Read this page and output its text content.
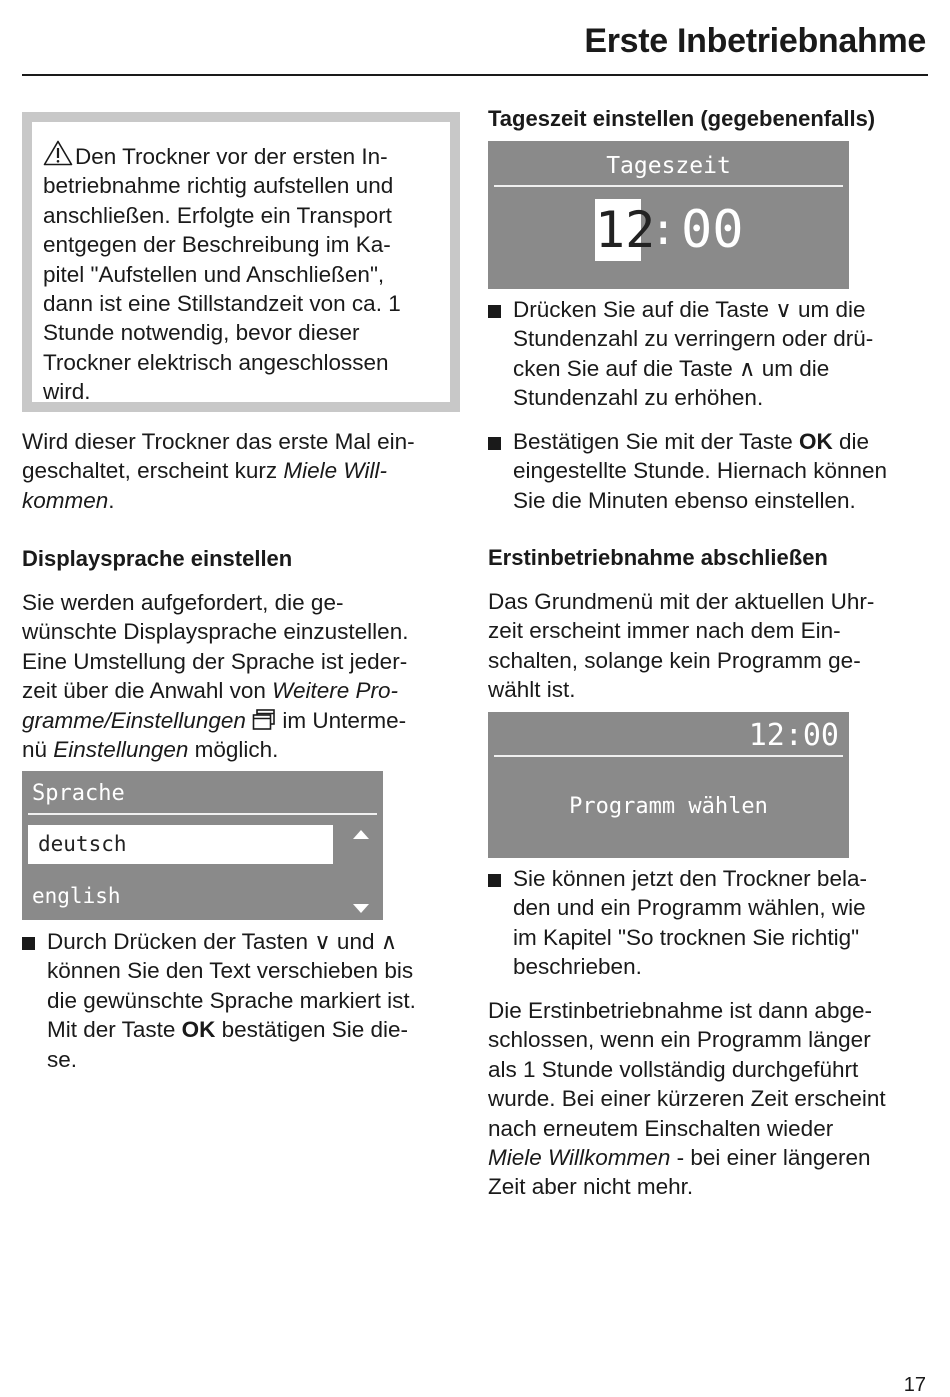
Erste Inbetriebnahme

Den Trockner vor der ersten In-

betriebnahme richtig aufstellen und

anschließen. Erfolgte ein Transport

entgegen der Beschreibung im Ka-

pitel "Aufstellen und Anschließen",

dann ist eine Stillstandzeit von ca. 1

Stunde notwendig, bevor dieser

Trockner elektrisch angeschlossen

wird.

Wird dieser Trockner das erste Mal ein-

geschaltet, erscheint kurz Miele Will-

kommen.

Displaysprache einstellen

Sie werden aufgefordert, die ge-

wünschte Displaysprache einzustellen.

Eine Umstellung der Sprache ist jeder-

zeit über die Anwahl von Weitere Pro-

gramme/Einstellungen  im Unterme-

nü Einstellungen möglich.

Sprache
deutsch
english

Durch Drücken der Tasten ∨ und ∧

können Sie den Text verschieben bis

die gewünschte Sprache markiert ist.

Mit der Taste OK bestätigen Sie die-

se.

Tageszeit einstellen (gegebenenfalls)
Tageszeit
12
: 00

Drücken Sie auf die Taste ∨ um die

Stundenzahl zu verringern oder drü-

cken Sie auf die Taste ∧ um die

Stundenzahl zu erhöhen.

Bestätigen Sie mit der Taste OK die

eingestellte Stunde. Hiernach können

Sie die Minuten ebenso einstellen.

Erstinbetriebnahme abschließen

Das Grundmenü mit der aktuellen Uhr-

zeit erscheint immer nach dem Ein-

schalten, solange kein Programm ge-

wählt ist.

12:00
Programm wählen

Sie können jetzt den Trockner bela-

den und ein Programm wählen, wie

im Kapitel "So trocknen Sie richtig"

beschrieben.

Die Erstinbetriebnahme ist dann abge-

schlossen, wenn ein Programm länger

als 1 Stunde vollständig durchgeführt

wurde. Bei einer kürzeren Zeit erscheint

nach erneutem Einschalten wieder

Miele Willkommen - bei einer längeren

Zeit aber nicht mehr.

17
